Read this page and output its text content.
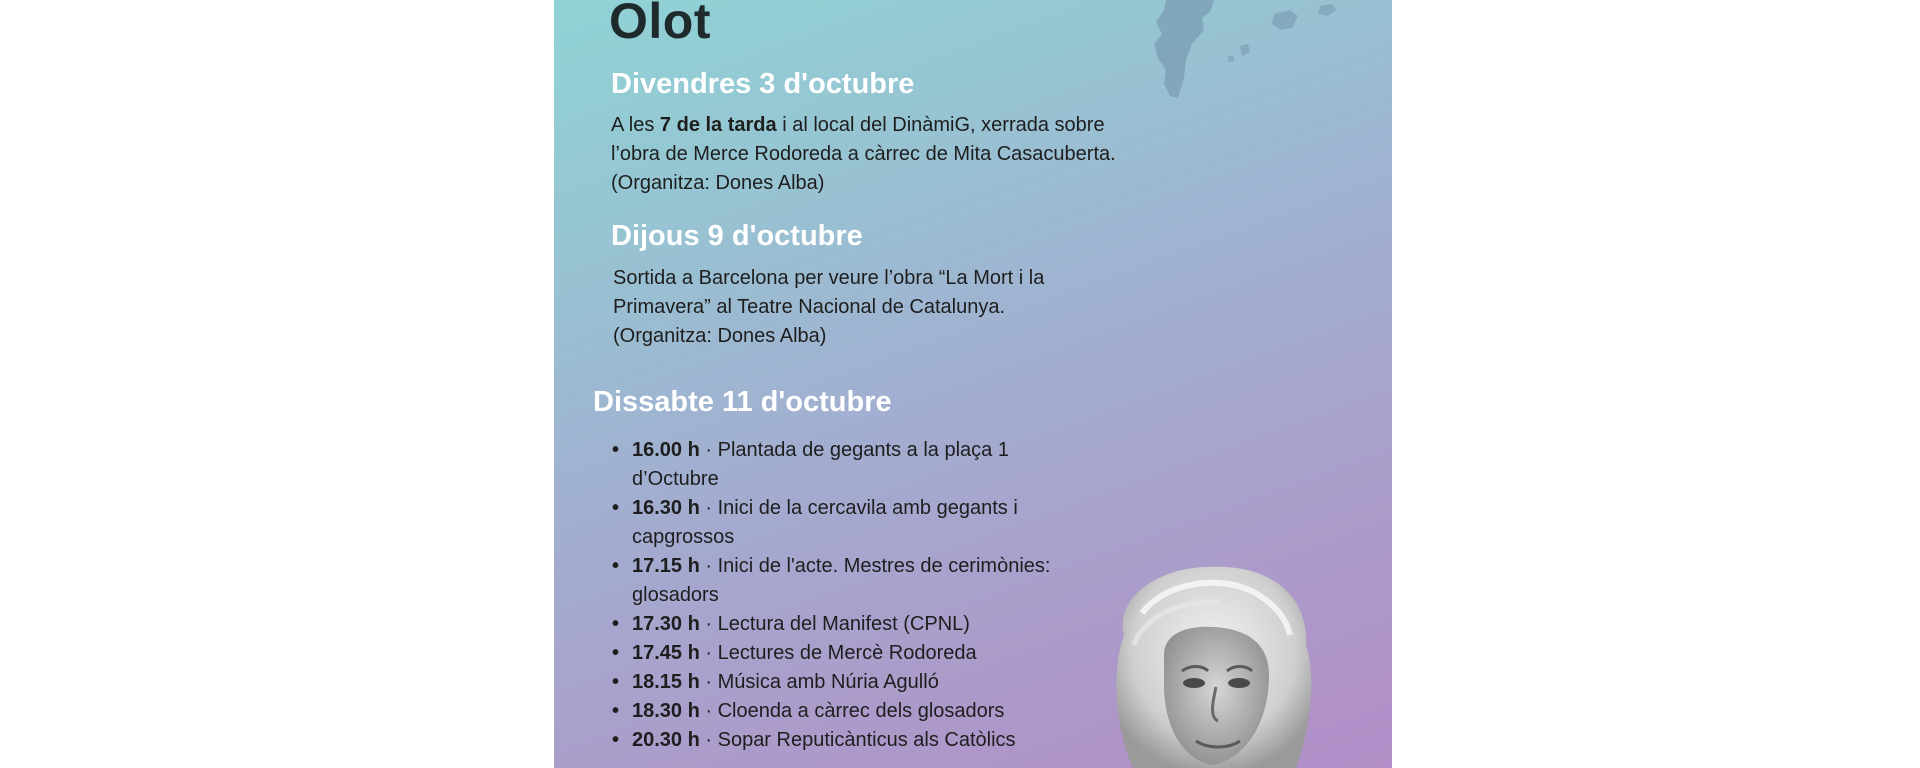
Olot
Divendres 3 d'octubre

A les 7 de la tarda i al local del DinàmiG, xerrada sobre l’obra de Merce Rodoreda a càrrec de Mita Casacuberta. (Organitza: Dones Alba)

Dijous 9 d'octubre

Sortida a Barcelona per veure l’obra “La Mort i la Primavera” al Teatre Nacional de Catalunya. (Organitza: Dones Alba)

Dissabte 11 d'octubre
• 16.00 h · Plantada de gegants a la plaça 1 d’Octubre
• 16.30 h · Inici de la cercavila amb gegants i capgrossos
• 17.15 h · Inici de l'acte. Mestres de cerimònies: glosadors
• 17.30 h · Lectura del Manifest (CPNL)
• 17.45 h · Lectures de Mercè Rodoreda
• 18.15 h · Música amb Núria Agulló
• 18.30 h · Cloenda a càrrec dels glosadors
• 20.30 h · Sopar Reputicànticus als Catòlics
